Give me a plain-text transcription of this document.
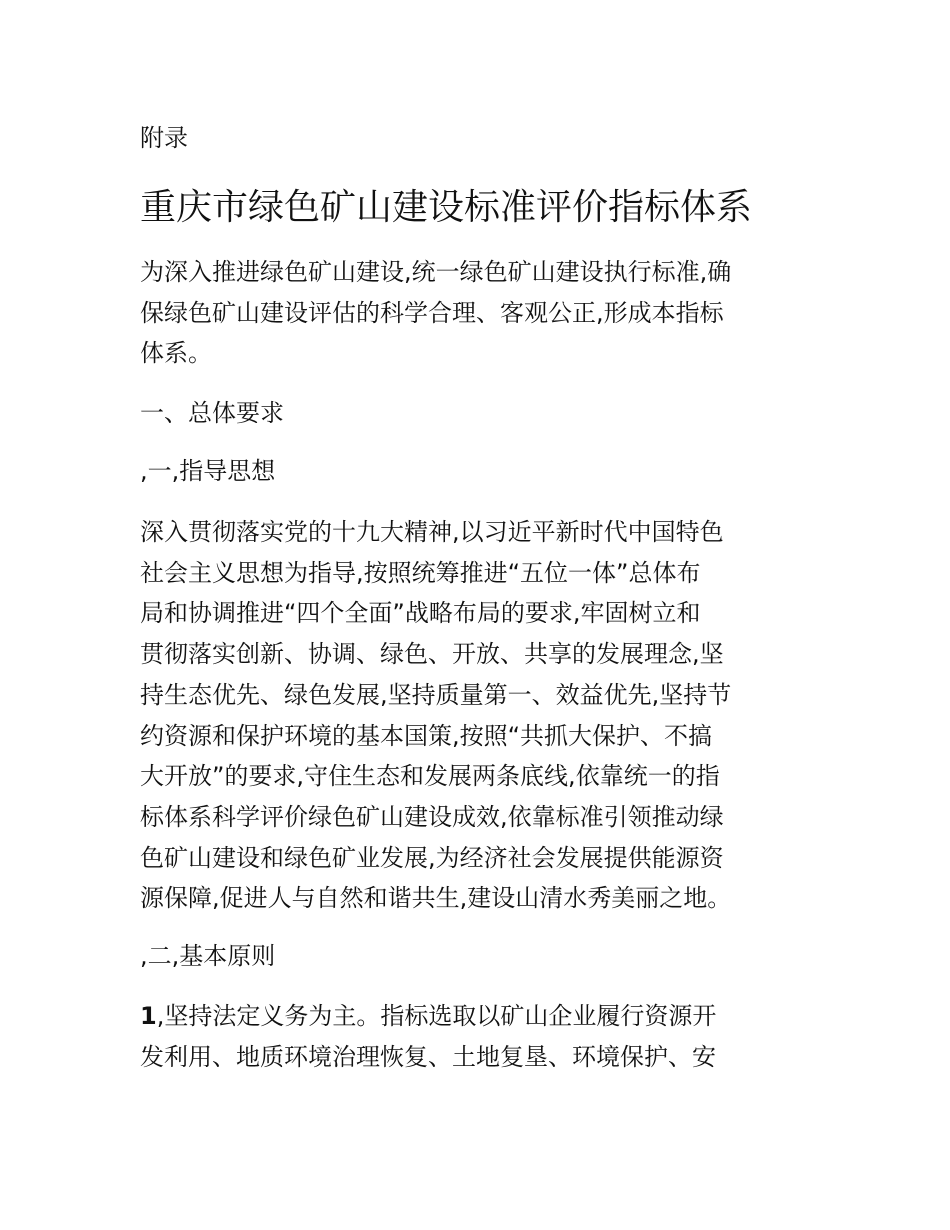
附录
重庆市绿色矿山建设标准评价指标体系

为深入推进绿色矿山建设,统一绿色矿山建设执行标准,确
保绿色矿山建设评估的科学合理、客观公正,形成本指标
体系。

一、总体要求

,一,指导思想

深入贯彻落实党的十九大精神,以习近平新时代中国特色
社会主义思想为指导,按照统筹推进“五位一体”总体布
局和协调推进“四个全面”战略布局的要求,牢固树立和
贯彻落实创新、协调、绿色、开放、共享的发展理念,坚
持生态优先、绿色发展,坚持质量第一、效益优先,坚持节
约资源和保护环境的基本国策,按照“共抓大保护、不搞
大开放”的要求,守住生态和发展两条底线,依靠统一的指
标体系科学评价绿色矿山建设成效,依靠标准引领推动绿
色矿山建设和绿色矿业发展,为经济社会发展提供能源资
源保障,促进人与自然和谐共生,建设山清水秀美丽之地。

,二,基本原则

1,坚持法定义务为主。指标选取以矿山企业履行资源开
发利用、地质环境治理恢复、土地复垦、环境保护、安
